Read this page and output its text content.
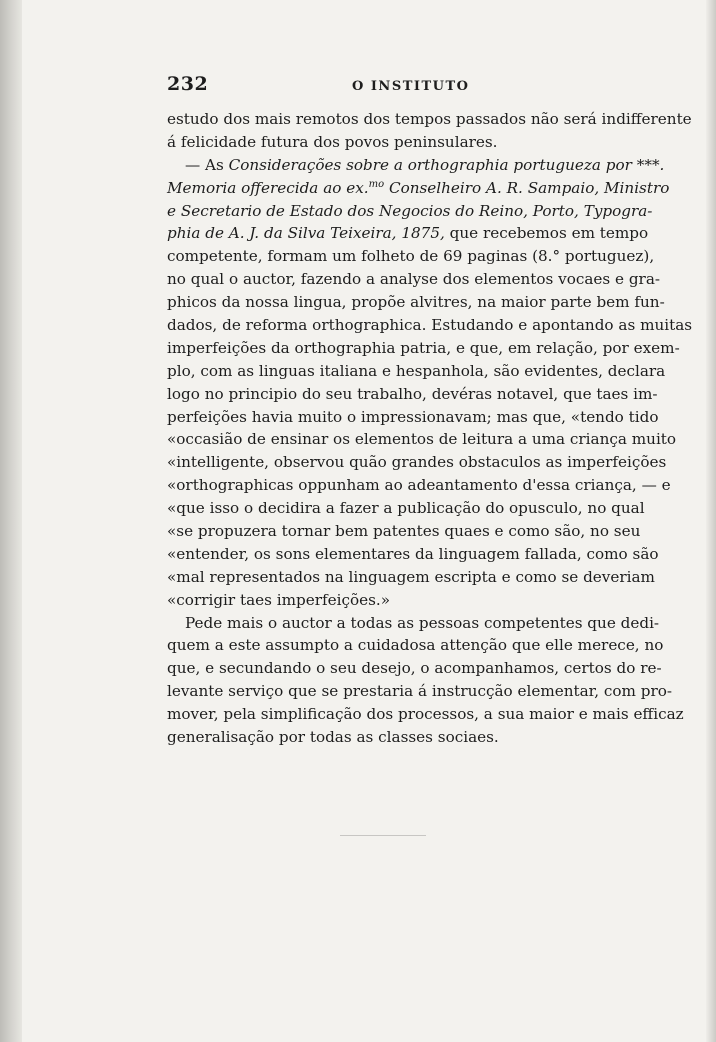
232	O INSTITUTO
estudo dos mais remotos dos tempos passados não será indifferente
á felicidade futura dos povos peninsulares.
— As Considerações sobre a orthographia portugueza por ***.
Memoria offerecida ao ex.$^{mo}$ Conselheiro A. R. Sampaio, Ministro
e Secretario de Estado dos Negocios do Reino, Porto, Typogra-
phia de A. J. da Silva Teixeira, 1875, que recebemos em tempo
competente, formam um folheto de 69 paginas (8.° portuguez),
no qual o auctor, fazendo a analyse dos elementos vocaes e gra-
phicos da nossa lingua, propõe alvitres, na maior parte bem fun-
dados, de reforma orthographica. Estudando e apontando as muitas
imperfeições da orthographia patria, e que, em relação, por exem-
plo, com as linguas italiana e hespanhola, são evidentes, declara
logo no principio do seu trabalho, devéras notavel, que taes im-
perfeições havia muito o impressionavam; mas que, «tendo tido
«occasião de ensinar os elementos de leitura a uma criança muito
«intelligente, observou quão grandes obstaculos as imperfeições
«orthographicas oppunham ao adeantamento d'essa criança, — e
«que isso o decidira a fazer a publicação do opusculo, no qual
«se propuzera tornar bem patentes quaes e como são, no seu
«entender, os sons elementares da linguagem fallada, como são
«mal representados na linguagem escripta e como se deveriam
«corrigir taes imperfeições.»
Pede mais o auctor a todas as pessoas competentes que dedi-
quem a este assumpto a cuidadosa attenção que elle merece, no
que, e secundando o seu desejo, o acompanhamos, certos do re-
levante serviço que se prestaria á instrucção elementar, com pro-
mover, pela simplificação dos processos, a sua maior e mais efficaz
generalisação por todas as classes sociaes.
